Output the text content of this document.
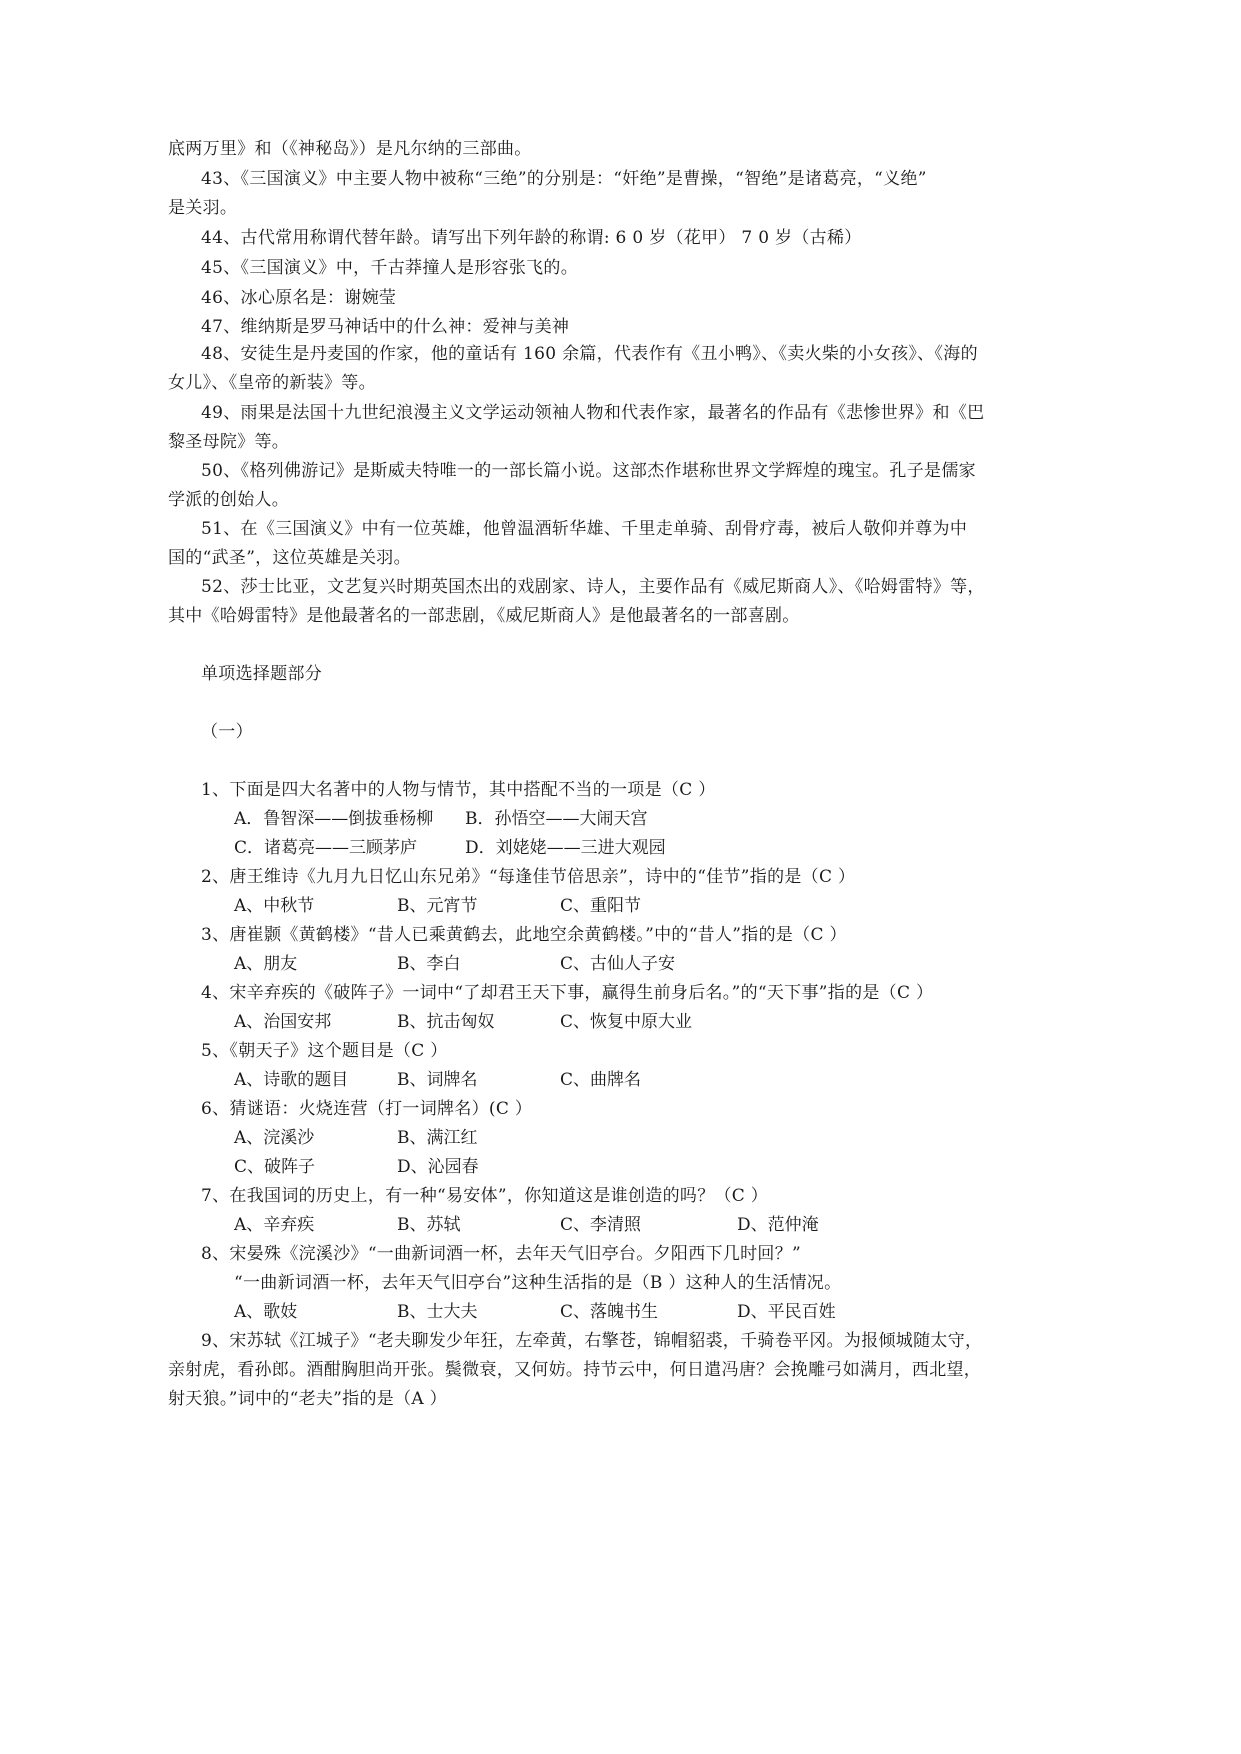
底两万里》和（《神秘岛》）是凡尔纳的三部曲。
43、《三国演义》中主要人物中被称“三绝”的分别是：“奸绝”是曹操，“智绝”是诸葛亮，“义绝”
是关羽。
44、古代常用称谓代替年龄。请写出下列年龄的称谓: 6 0 岁（花甲） 7 0 岁（古稀）
45、《三国演义》中，千古莽撞人是形容张飞的。
46、冰心原名是：谢婉莹
47、维纳斯是罗马神话中的什么神：爱神与美神
48、安徒生是丹麦国的作家，他的童话有 160 余篇，代表作有《丑小鸭》、《卖火柴的小女孩》、《海的
女儿》、《皇帝的新装》等。
49、雨果是法国十九世纪浪漫主义文学运动领袖人物和代表作家，最著名的作品有《悲惨世界》和《巴
黎圣母院》等。
50、《格列佛游记》是斯威夫特唯一的一部长篇小说。这部杰作堪称世界文学辉煌的瑰宝。孔子是儒家
学派的创始人。
51、在《三国演义》中有一位英雄，他曾温酒斩华雄、千里走单骑、刮骨疗毒，被后人敬仰并尊为中
国的“武圣”，这位英雄是关羽。
52、莎士比亚，文艺复兴时期英国杰出的戏剧家、诗人，主要作品有《威尼斯商人》、《哈姆雷特》等，
其中《哈姆雷特》是他最著名的一部悲剧，《威尼斯商人》是他最著名的一部喜剧。
单项选择题部分
（一）
1、下面是四大名著中的人物与情节，其中搭配不当的一项是（C ）
A．鲁智深——倒拔垂杨柳 B．孙悟空——大闹天宫
C．诸葛亮——三顾茅庐	D．刘姥姥——三进大观园
2、唐王维诗《九月九日忆山东兄弟》“每逢佳节倍思亲”，诗中的“佳节”指的是（C ）
A、中秋节	B、元宵节	C、重阳节
3、唐崔颢《黄鹤楼》“昔人已乘黄鹤去，此地空余黄鹤楼。”中的“昔人”指的是（C ）
A、朋友	B、李白	C、古仙人子安
4、宋辛弃疾的《破阵子》一词中“了却君王天下事，赢得生前身后名。”的“天下事”指的是（C ）
A、治国安邦	B、抗击匈奴	C、恢复中原大业
5、《朝天子》这个题目是（C ）
A、诗歌的题目	B、词牌名	C、曲牌名
6、猜谜语：火烧连营（打一词牌名）(C ）
A、浣溪沙	B、满江红
C、破阵子	D、沁园春
7、在我国词的历史上，有一种“易安体”，你知道这是谁创造的吗？（C ）
A、辛弃疾	B、苏轼	C、李清照	D、范仲淹
8、宋晏殊《浣溪沙》“一曲新词酒一杯，去年天气旧亭台。夕阳西下几时回？”
“一曲新词酒一杯，去年天气旧亭台”这种生活指的是（B ）这种人的生活情况。
A、歌妓	B、士大夫	C、落魄书生	D、平民百姓
9、宋苏轼《江城子》“老夫聊发少年狂，左牵黄，右擎苍，锦帽貂裘，千骑卷平冈。为报倾城随太守，
亲射虎，看孙郎。酒酣胸胆尚开张。鬓微衰，又何妨。持节云中，何日遣冯唐？会挽雕弓如满月，西北望，
射天狼。”词中的“老夫”指的是（A ）
